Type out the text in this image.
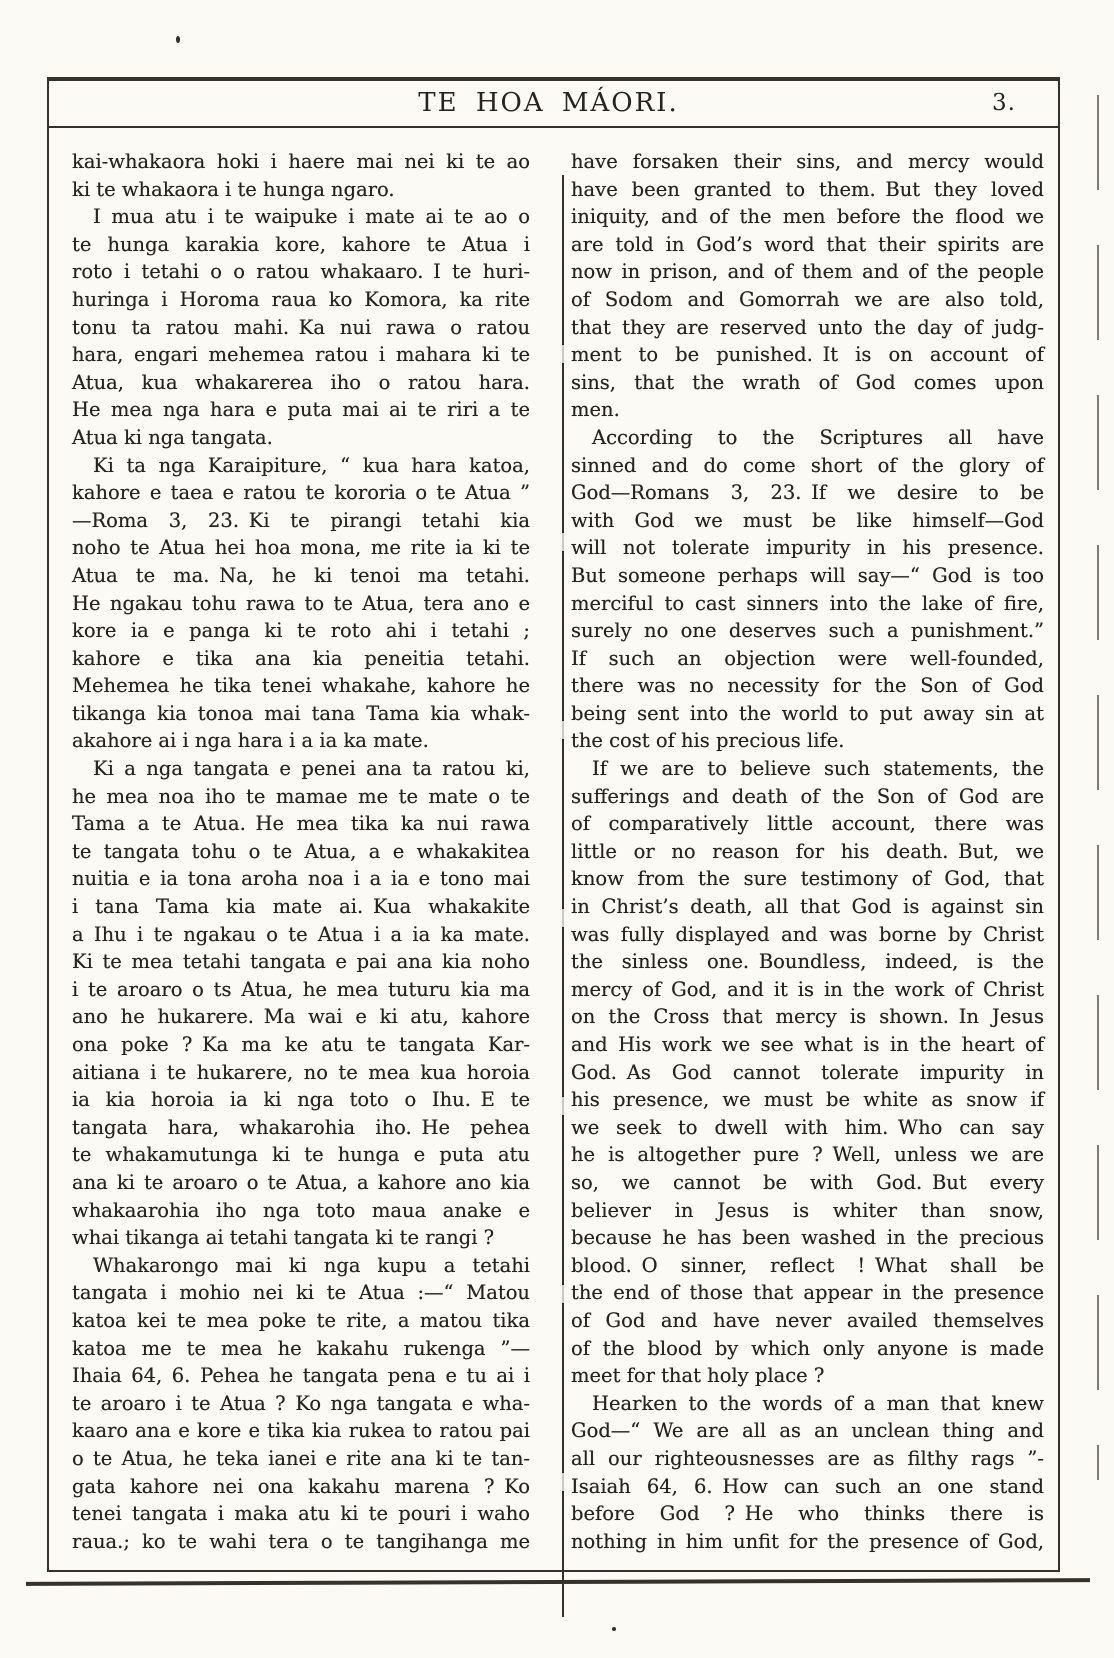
TE HOA MÁORI.	3.
kai-whakaora hoki i haere mai nei ki te ao
ki te whakaora i te hunga ngaro.
I mua atu i te waipuke i mate ai te ao o
te hunga karakia kore, kahore te Atua i
roto i tetahi o o ratou whakaaro. I te huri-
huringa i Horoma raua ko Komora, ka rite
tonu ta ratou mahi. Ka nui rawa o ratou
hara, engari mehemea ratou i mahara ki te
Atua, kua whakarerea iho o ratou hara.
He mea nga hara e puta mai ai te riri a te
Atua ki nga tangata.
Ki ta nga Karaipiture, “ kua hara katoa,
kahore e taea e ratou te kororia o te Atua ”
—Roma 3, 23. Ki te pirangi tetahi kia
noho te Atua hei hoa mona, me rite ia ki te
Atua te ma. Na, he ki tenoi ma tetahi.
He ngakau tohu rawa to te Atua, tera ano e
kore ia e panga ki te roto ahi i tetahi ;
kahore e tika ana kia peneitia tetahi.
Mehemea he tika tenei whakahe, kahore he
tikanga kia tonoa mai tana Tama kia whak-
akahore ai i nga hara i a ia ka mate.
Ki a nga tangata e penei ana ta ratou ki,
he mea noa iho te mamae me te mate o te
Tama a te Atua. He mea tika ka nui rawa
te tangata tohu o te Atua, a e whakakitea
nuitia e ia tona aroha noa i a ia e tono mai
i tana Tama kia mate ai. Kua whakakite
a Ihu i te ngakau o te Atua i a ia ka mate.
Ki te mea tetahi tangata e pai ana kia noho
i te aroaro o ts Atua, he mea tuturu kia ma
ano he hukarere. Ma wai e ki atu, kahore
ona poke ? Ka ma ke atu te tangata Kar-
aitiana i te hukarere, no te mea kua horoia
ia kia horoia ia ki nga toto o Ihu. E te
tangata hara, whakarohia iho. He pehea
te whakamutunga ki te hunga e puta atu
ana ki te aroaro o te Atua, a kahore ano kia
whakaarohia iho nga toto maua anake e
whai tikanga ai tetahi tangata ki te rangi ?
Whakarongo mai ki nga kupu a tetahi
tangata i mohio nei ki te Atua :—“ Matou
katoa kei te mea poke te rite, a matou tika
katoa me te mea he kakahu rukenga ”—
Ihaia 64, 6. Pehea he tangata pena e tu ai i
te aroaro i te Atua ? Ko nga tangata e wha-
kaaro ana e kore e tika kia rukea to ratou pai
o te Atua, he teka ianei e rite ana ki te tan-
gata kahore nei ona kakahu marena ? Ko
tenei tangata i maka atu ki te pouri i waho
raua.; ko te wahi tera o te tangihanga me
have forsaken their sins, and mercy would
have been granted to them. But they loved
iniquity, and of the men before the flood we
are told in God’s word that their spirits are
now in prison, and of them and of the people
of Sodom and Gomorrah we are also told,
that they are reserved unto the day of judg-
ment to be punished. It is on account of
sins, that the wrath of God comes upon
men.
According to the Scriptures all have
sinned and do come short of the glory of
God—Romans 3, 23. If we desire to be
with God we must be like himself—God
will not tolerate impurity in his presence.
But someone perhaps will say—“ God is too
merciful to cast sinners into the lake of fire,
surely no one deserves such a punishment.”
If such an objection were well-founded,
there was no necessity for the Son of God
being sent into the world to put away sin at
the cost of his precious life.
If we are to believe such statements, the
sufferings and death of the Son of God are
of comparatively little account, there was
little or no reason for his death. But, we
know from the sure testimony of God, that
in Christ’s death, all that God is against sin
was fully displayed and was borne by Christ
the sinless one. Boundless, indeed, is the
mercy of God, and it is in the work of Christ
on the Cross that mercy is shown. In Jesus
and His work we see what is in the heart of
God. As God cannot tolerate impurity in
his presence, we must be white as snow if
we seek to dwell with him. Who can say
he is altogether pure ? Well, unless we are
so, we cannot be with God. But every
believer in Jesus is whiter than snow,
because he has been washed in the precious
blood. O sinner, reflect ! What shall be
the end of those that appear in the presence
of God and have never availed themselves
of the blood by which only anyone is made
meet for that holy place ?
Hearken to the words of a man that knew
God—“ We are all as an unclean thing and
all our righteousnesses are as filthy rags ”-
Isaiah 64, 6. How can such an one stand
before God ? He who thinks there is
nothing in him unfit for the presence of God,
